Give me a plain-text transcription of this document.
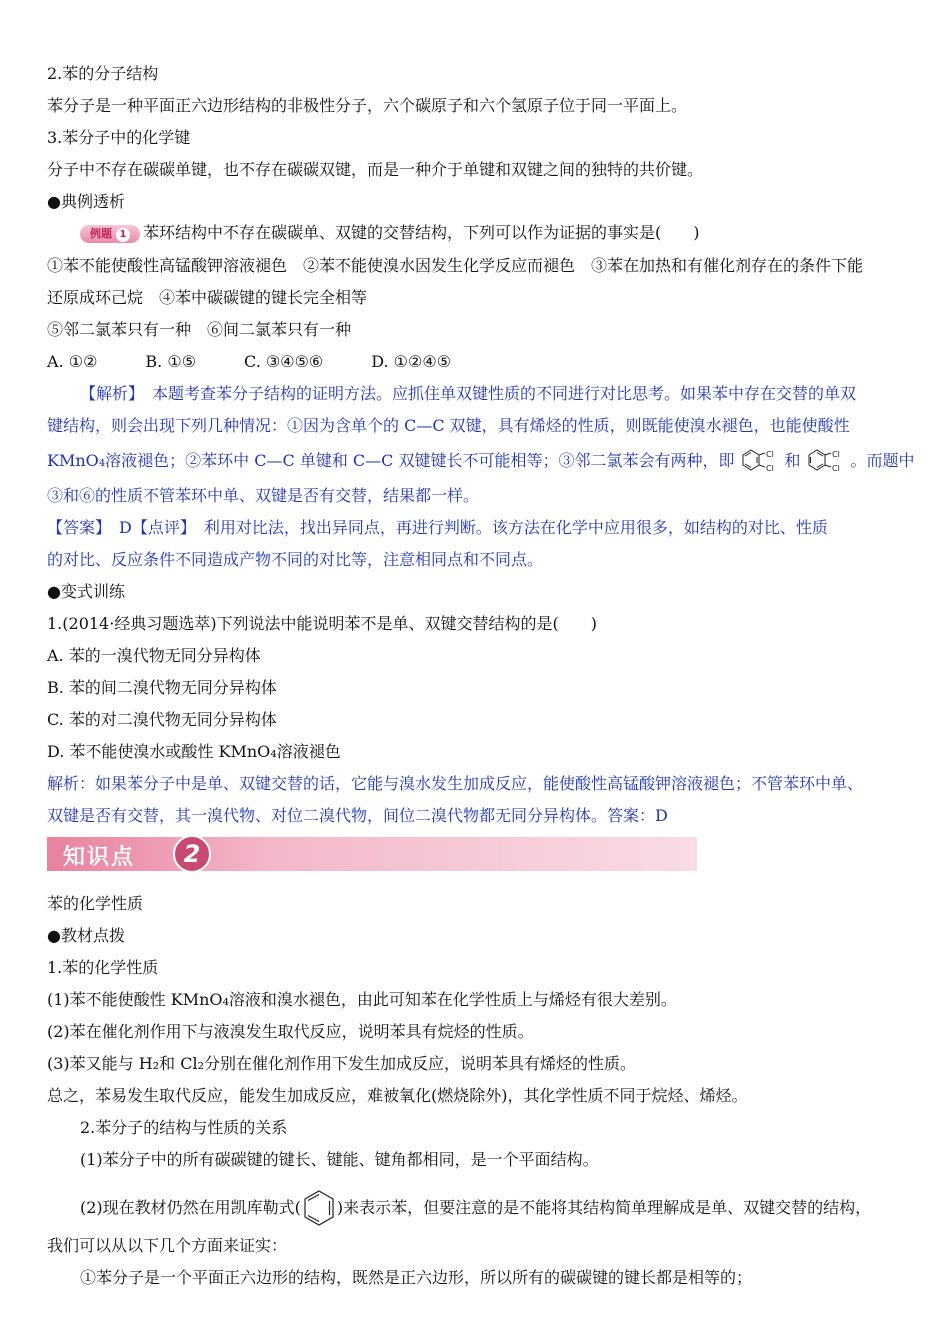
2.苯的分子结构
苯分子是一种平面正六边形结构的非极性分子，六个碳原子和六个氢原子位于同一平面上。
3.苯分子中的化学键
分子中不存在碳碳单键，也不存在碳碳双键，而是一种介于单键和双键之间的独特的共价键。
●典例透析
例题 1 苯环结构中不存在碳碳单、双键的交替结构，下列可以作为证据的事实是(　　)
①苯不能使酸性高锰酸钾溶液褪色　②苯不能使溴水因发生化学反应而褪色　③苯在加热和有催化剂存在的条件下能
还原成环己烷　④苯中碳碳键的键长完全相等
⑤邻二氯苯只有一种　⑥间二氯苯只有一种
A. ①②　　　B. ①⑤　　　C. ③④⑤⑥　　　D. ①②④⑤
【解析】　本题考查苯分子结构的证明方法。应抓住单双键性质的不同进行对比思考。如果苯中存在交替的单双
键结构，则会出现下列几种情况：①因为含单个的 C—C 双键，具有烯烃的性质，则既能使溴水褪色，也能使酸性
KMnO₄溶液褪色；②苯环中 C—C 单键和 C—C 双键键长不可能相等；③邻二氯苯会有两种，即	Cl
Cl 和	Cl
Cl 。而题中
③和⑥的性质不管苯环中单、双键是否有交替，结果都一样。
【答案】　D【点评】　利用对比法，找出异同点，再进行判断。该方法在化学中应用很多，如结构的对比、性质
的对比、反应条件不同造成产物不同的对比等，注意相同点和不同点。
●变式训练
1.(2014·经典习题选萃)下列说法中能说明苯不是单、双键交替结构的是(　　)
A. 苯的一溴代物无同分异构体
B. 苯的间二溴代物无同分异构体
C. 苯的对二溴代物无同分异构体
D. 苯不能使溴水或酸性 KMnO₄溶液褪色
解析：如果苯分子中是单、双键交替的话，它能与溴水发生加成反应，能使酸性高锰酸钾溶液褪色；不管苯环中单、
双键是否有交替，其一溴代物、对位二溴代物，间位二溴代物都无同分异构体。答案：D
知识点	2
苯的化学性质
●教材点拨
1.苯的化学性质
(1)苯不能使酸性 KMnO₄溶液和溴水褪色，由此可知苯在化学性质上与烯烃有很大差别。
(2)苯在催化剂作用下与液溴发生取代反应，说明苯具有烷烃的性质。
(3)苯又能与 H₂和 Cl₂分别在催化剂作用下发生加成反应，说明苯具有烯烃的性质。
总之，苯易发生取代反应，能发生加成反应，难被氧化(燃烧除外)，其化学性质不同于烷烃、烯烃。
2.苯分子的结构与性质的关系
(1)苯分子中的所有碳碳键的键长、键能、键角都相同，是一个平面结构。
(2)现在教材仍然在用凯库勒式( )来表示苯，但要注意的是不能将其结构简单理解成是单、双键交替的结构，
我们可以从以下几个方面来证实：
①苯分子是一个平面正六边形的结构，既然是正六边形，所以所有的碳碳键的键长都是相等的；
